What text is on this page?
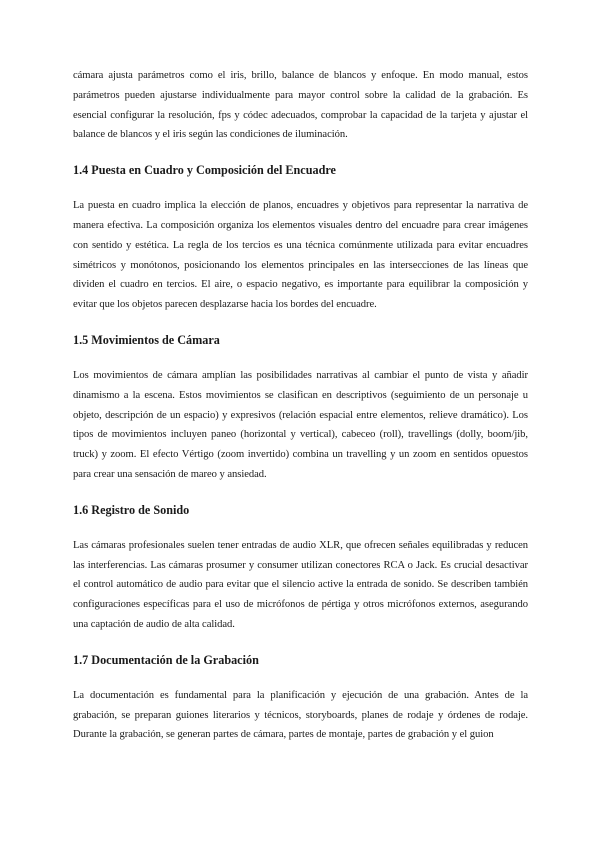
cámara ajusta parámetros como el iris, brillo, balance de blancos y enfoque. En modo manual, estos parámetros pueden ajustarse individualmente para mayor control sobre la calidad de la grabación. Es esencial configurar la resolución, fps y códec adecuados, comprobar la capacidad de la tarjeta y ajustar el balance de blancos y el iris según las condiciones de iluminación.

1.4 Puesta en Cuadro y Composición del Encuadre

La puesta en cuadro implica la elección de planos, encuadres y objetivos para representar la narrativa de manera efectiva. La composición organiza los elementos visuales dentro del encuadre para crear imágenes con sentido y estética. La regla de los tercios es una técnica comúnmente utilizada para evitar encuadres simétricos y monótonos, posicionando los elementos principales en las intersecciones de las líneas que dividen el cuadro en tercios. El aire, o espacio negativo, es importante para equilibrar la composición y evitar que los objetos parecen desplazarse hacia los bordes del encuadre.

1.5 Movimientos de Cámara

Los movimientos de cámara amplían las posibilidades narrativas al cambiar el punto de vista y añadir dinamismo a la escena. Estos movimientos se clasifican en descriptivos (seguimiento de un personaje u objeto, descripción de un espacio) y expresivos (relación espacial entre elementos, relieve dramático). Los tipos de movimientos incluyen paneo (horizontal y vertical), cabeceo (roll), travellings (dolly, boom/jib, truck) y zoom. El efecto Vértigo (zoom invertido) combina un travelling y un zoom en sentidos opuestos para crear una sensación de mareo y ansiedad.

1.6 Registro de Sonido

Las cámaras profesionales suelen tener entradas de audio XLR, que ofrecen señales equilibradas y reducen las interferencias. Las cámaras prosumer y consumer utilizan conectores RCA o Jack. Es crucial desactivar el control automático de audio para evitar que el silencio active la entrada de sonido. Se describen también configuraciones específicas para el uso de micrófonos de pértiga y otros micrófonos externos, asegurando una captación de audio de alta calidad.

1.7 Documentación de la Grabación

La documentación es fundamental para la planificación y ejecución de una grabación. Antes de la grabación, se preparan guiones literarios y técnicos, storyboards, planes de rodaje y órdenes de rodaje. Durante la grabación, se generan partes de cámara, partes de montaje, partes de grabación y el guion
